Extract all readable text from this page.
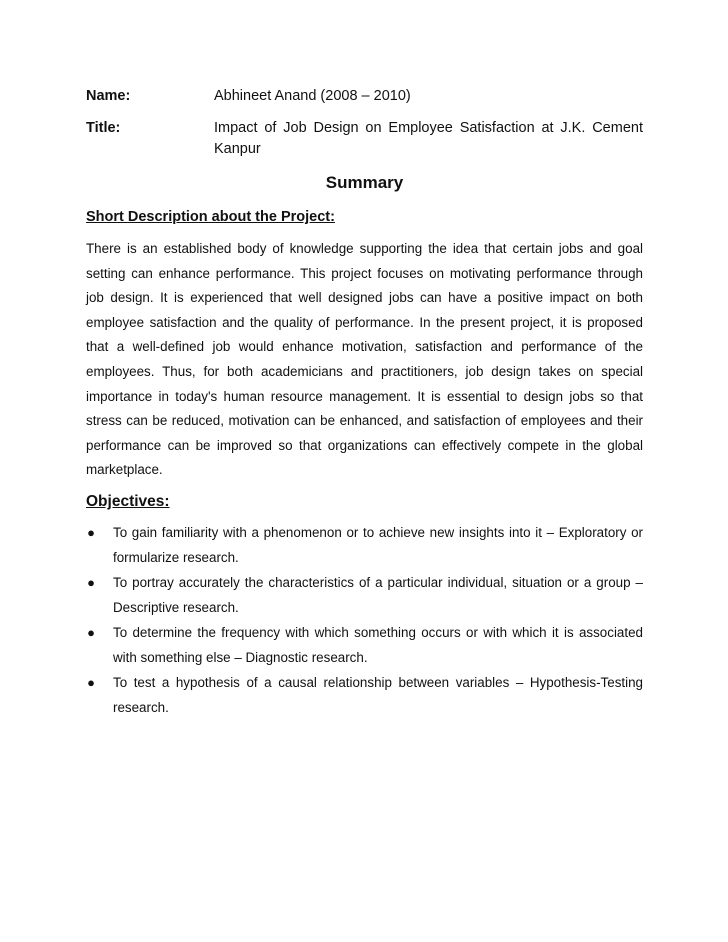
Name:	Abhineet Anand (2008 – 2010)
Title:	Impact of Job Design on Employee Satisfaction at J.K. Cement Kanpur
Summary
Short Description about the Project:

There is an established body of knowledge supporting the idea that certain jobs and goal setting can enhance performance. This project focuses on motivating performance through job design. It is experienced that well designed jobs can have a positive impact on both employee satisfaction and the quality of performance. In the present project, it is proposed that a well-defined job would enhance motivation, satisfaction and performance of the employees. Thus, for both academicians and practitioners, job design takes on special importance in today's human resource management. It is essential to design jobs so that stress can be reduced, motivation can be enhanced, and satisfaction of employees and their performance can be improved so that organizations can effectively compete in the global marketplace.

Objectives:
● To gain familiarity with a phenomenon or to achieve new insights into it – Exploratory or formularize research.
● To portray accurately the characteristics of a particular individual, situation or a group – Descriptive research.
● To determine the frequency with which something occurs or with which it is associated with something else – Diagnostic research.
● To test a hypothesis of a causal relationship between variables – Hypothesis-Testing research.
